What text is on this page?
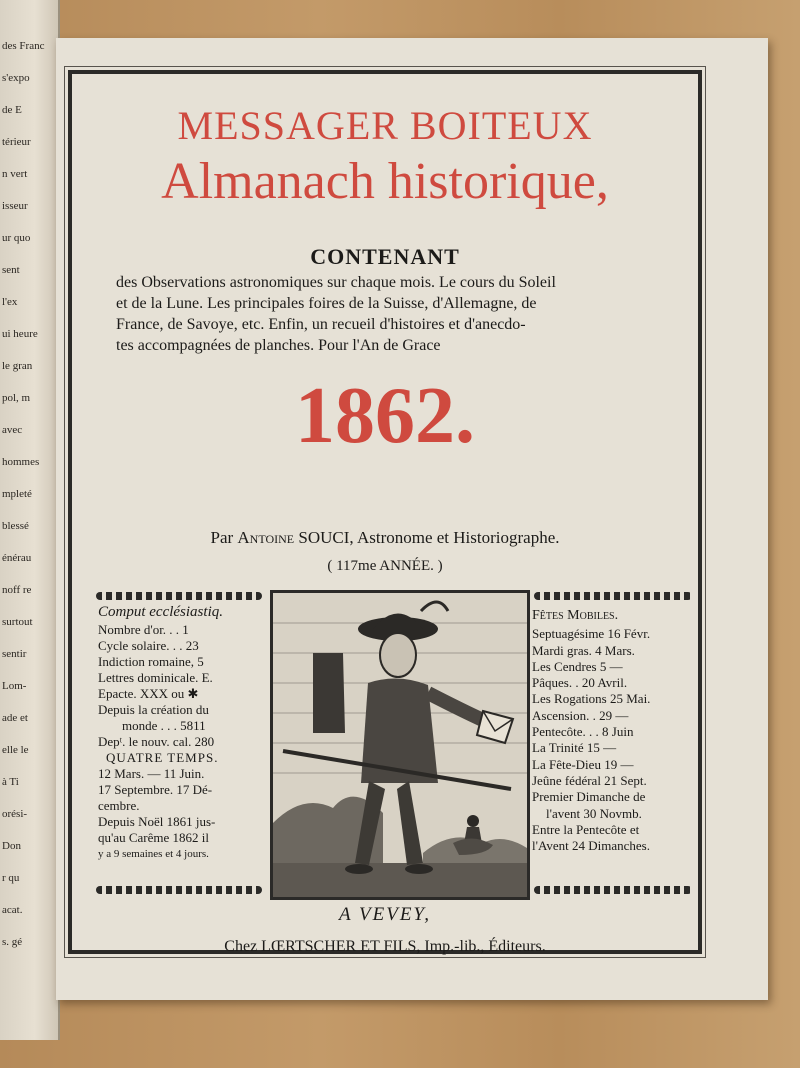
des Franc
s'expo
de E
térieur
n vert
isseur
ur quo
sent
l'ex
ui heure
le gran
pol, m
avec
hommes
mpleté
blessé
énérau
noff re
surtout
sentir
Lom-
ade et
elle le
à Ti
orési-
Don
r qu
acat.
s. gé
MESSAGER BOITEUX
Almanach historique,
CONTENANT
des Observations astronomiques sur chaque mois. Le cours du Soleil
et de la Lune. Les principales foires de la Suisse, d'Allemagne, de
France, de Savoye, etc. Enfin, un recueil d'histoires et d'anecdo-
tes accompagnées de planches. Pour l'An de Grace
1862.
Par Antoine SOUCI, Astronome et Historiographe.
( 117me ANNÉE. )
Comput ecclésiastiq.
Nombre d'or. . . 1
Cycle solaire. . . 23
Indiction romaine, 5
Lettres dominicale. E.
Epacte. XXX ou ✱
Depuis la création du
monde . . . 5811
Depᵗ. le nouv. cal. 280
QUATRE TEMPS.
12 Mars. — 11 Juin.
17 Septembre. 17 Dé-
cembre.
Depuis Noël 1861 jus-
qu'au Carême 1862 il
y a 9 semaines et 4 jours.
Fêtes Mobiles.
Septuagésime 16 Févr.
Mardi gras. 4 Mars.
Les Cendres 5 —
Pâques. . 20 Avril.
Les Rogations 25 Mai.
Ascension. . 29 —
Pentecôte. . . 8 Juin
La Trinité 15 —
La Fête-Dieu 19 —
Jeûne fédéral 21 Sept.
Premier Dimanche de
l'avent 30 Novmb.
Entre la Pentecôte et
l'Avent 24 Dimanches.
A VEVEY,
Chez LŒRTSCHER ET FILS, Imp.-lib., Éditeurs.
